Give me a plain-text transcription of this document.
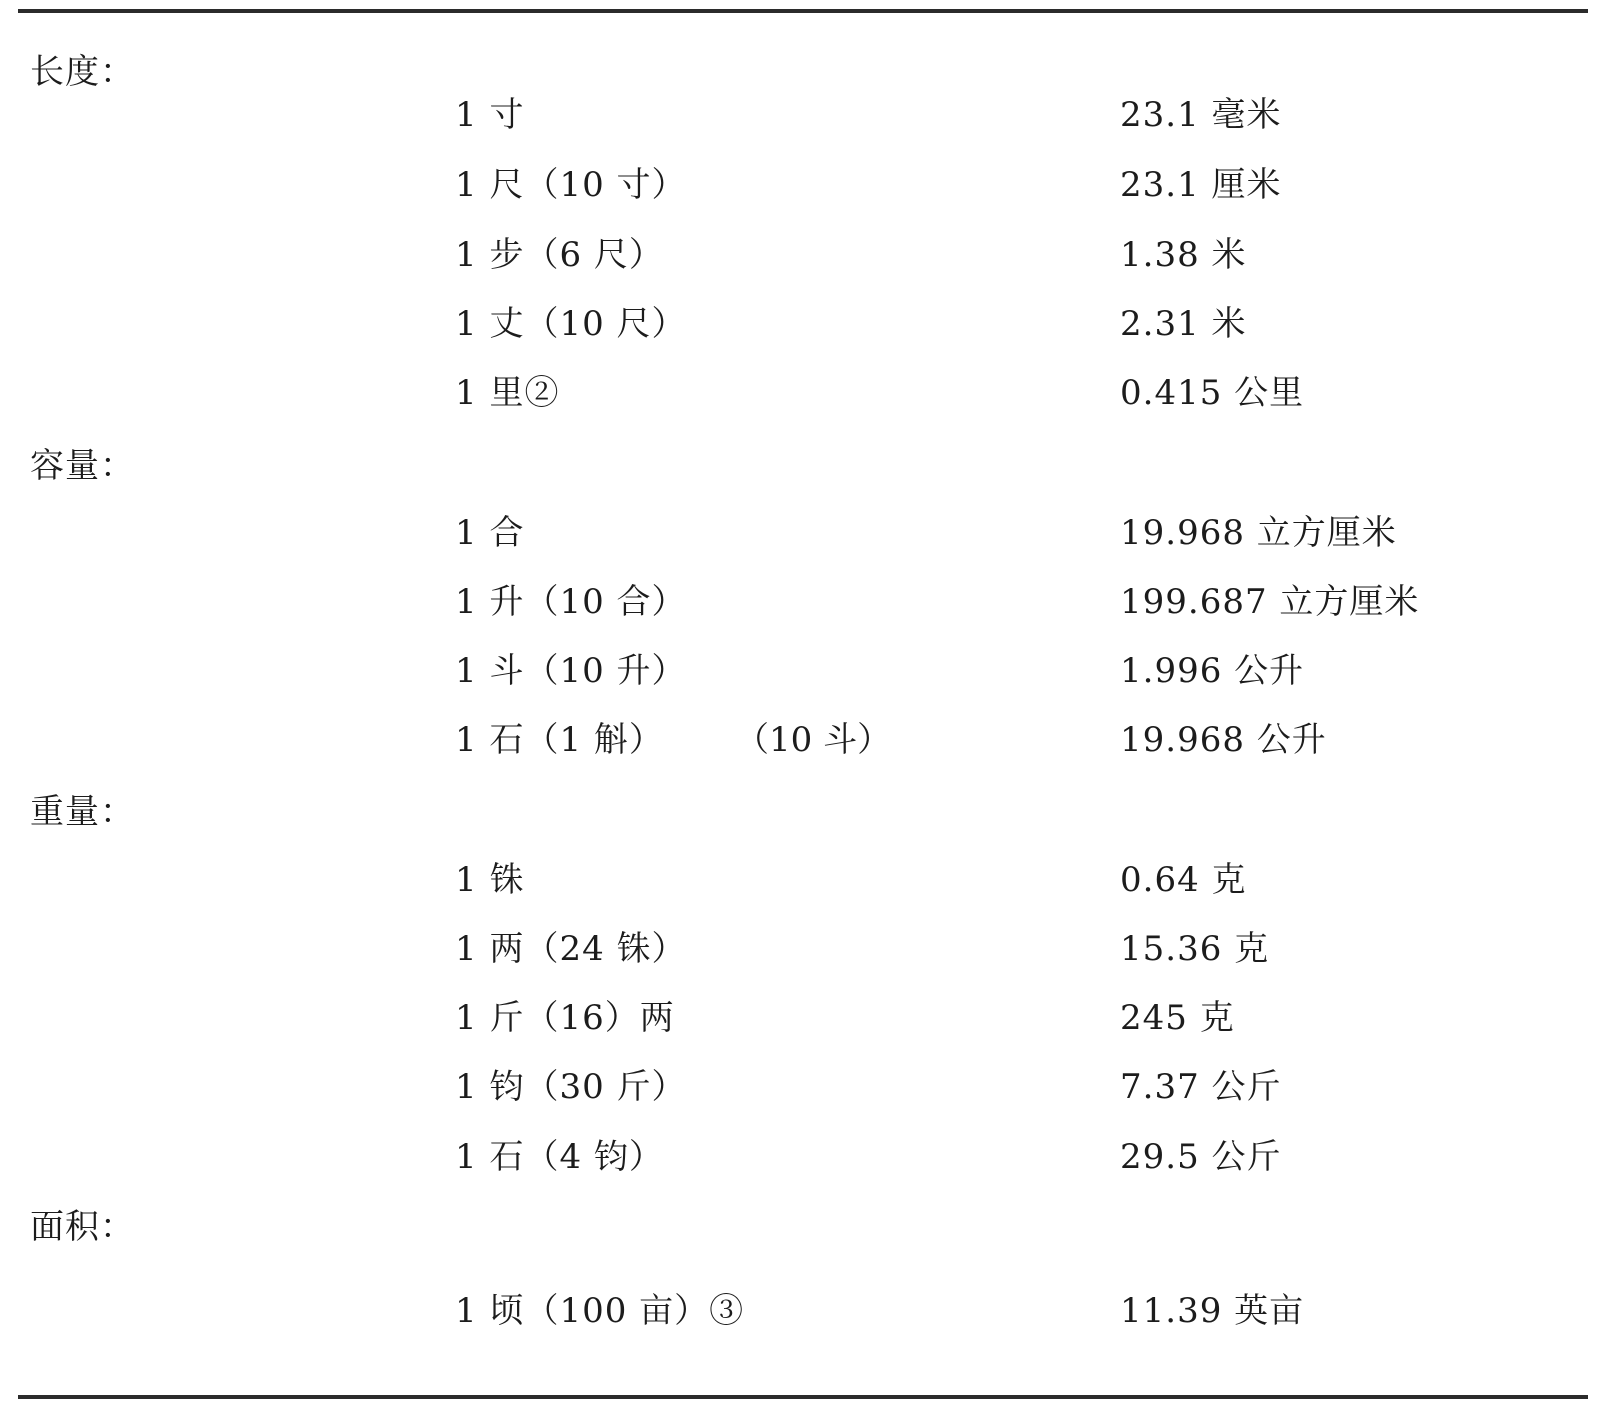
长度：
1 寸	23.1 毫米
1 尺（10 寸）	23.1 厘米
1 步（6 尺）	1.38 米
1 丈（10 尺）	2.31 米
1 里②	0.415 公里
容量：
1 合	19.968 立方厘米
1 升（10 合）	199.687 立方厘米
1 斗（10 升）	1.996 公升
1 石（1 斛） （10 斗）	19.968 公升
重量：
1 铢	0.64 克
1 两（24 铢）	15.36 克
1 斤（16）两	245 克
1 钧（30 斤）	7.37 公斤
1 石（4 钧）	29.5 公斤
面积：
1 顷（100 亩）③	11.39 英亩
